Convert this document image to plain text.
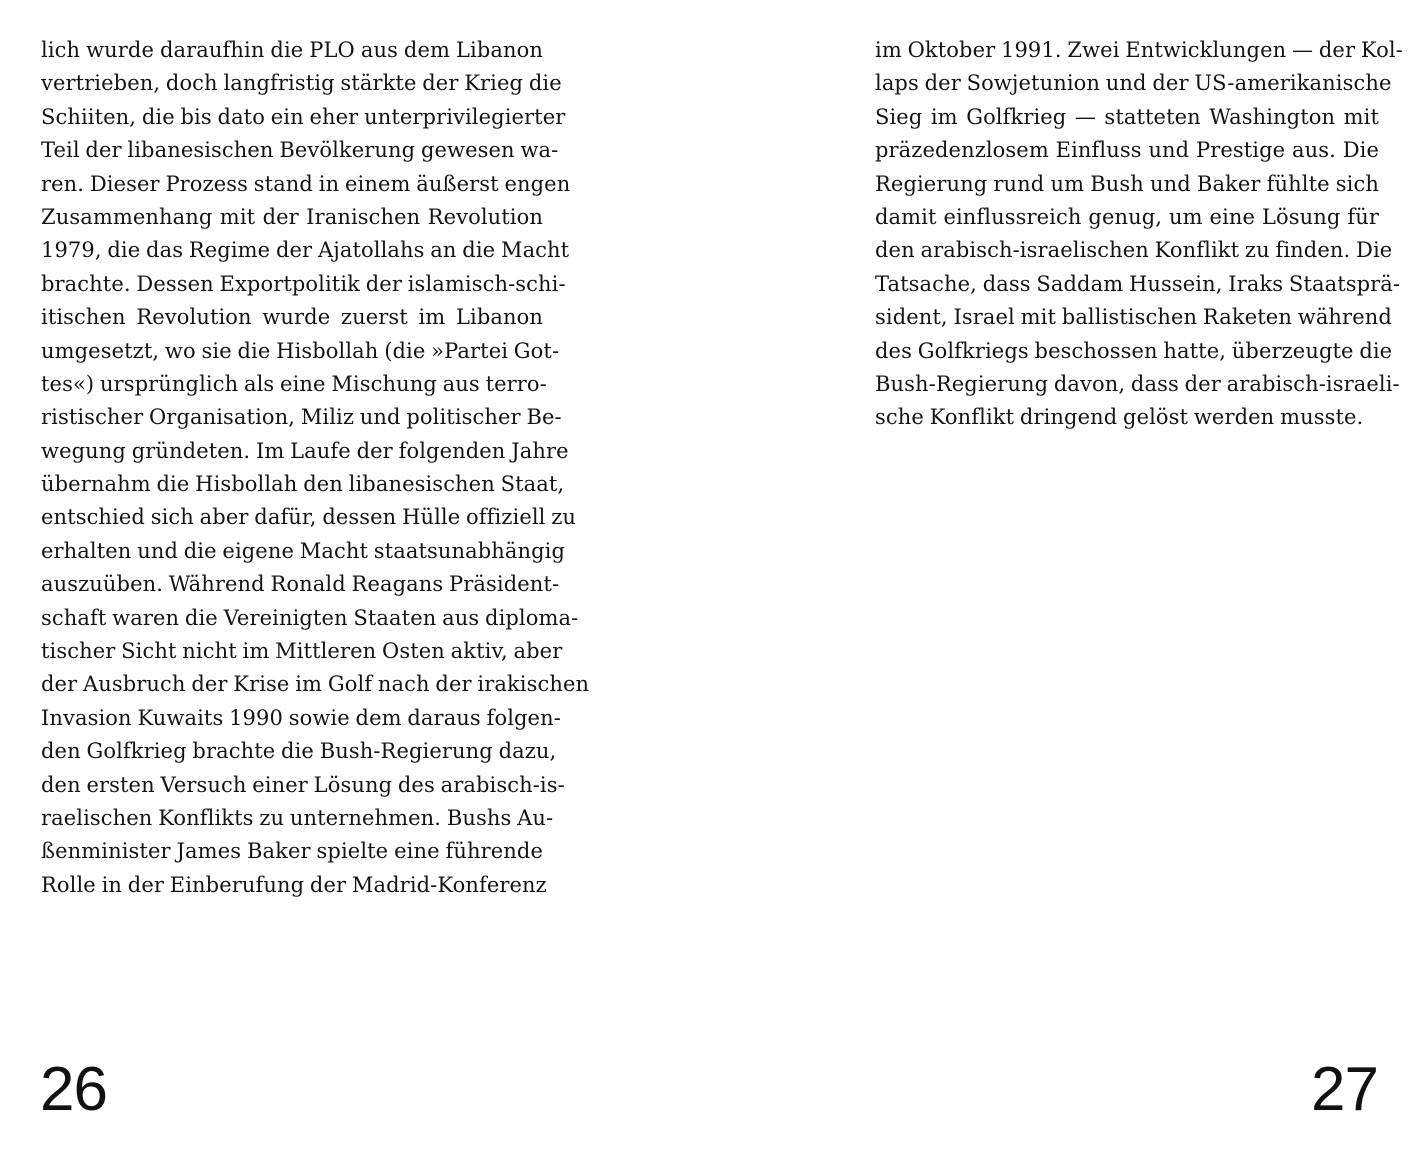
lich wurde daraufhin die PLO aus dem Libanon
vertrieben, doch langfristig stärkte der Krieg die
Schiiten, die bis dato ein eher unterprivilegierter
Teil der libanesischen Bevölkerung gewesen wa-
ren. Dieser Prozess stand in einem äußerst engen
Zusammenhang mit der Iranischen Revolution
1979, die das Regime der Ajatollahs an die Macht
brachte. Dessen Exportpolitik der islamisch-schi-
itischen Revolution wurde zuerst im Libanon
umgesetzt, wo sie die Hisbollah (die »Partei Got-
tes«) ursprünglich als eine Mischung aus terro-
ristischer Organisation, Miliz und politischer Be-
wegung gründeten. Im Laufe der folgenden Jahre
übernahm die Hisbollah den libanesischen Staat,
entschied sich aber dafür, dessen Hülle offiziell zu
erhalten und die eigene Macht staatsunabhängig
auszuüben. Während Ronald Reagans Präsident-
schaft waren die Vereinigten Staaten aus diploma-
tischer Sicht nicht im Mittleren Osten aktiv, aber
der Ausbruch der Krise im Golf nach der irakischen
Invasion Kuwaits 1990 sowie dem daraus folgen-
den Golfkrieg brachte die Bush-Regierung dazu,
den ersten Versuch einer Lösung des arabisch-is-
raelischen Konflikts zu unternehmen. Bushs Au-
ßenminister James Baker spielte eine führende
Rolle in der Einberufung der Madrid-Konferenz
26
im Oktober 1991. Zwei Entwicklungen — der Kol-
laps der Sowjetunion und der US-amerikanische
Sieg im Golfkrieg — statteten Washington mit
präzedenzlosem Einfluss und Prestige aus. Die
Regierung rund um Bush und Baker fühlte sich
damit einflussreich genug, um eine Lösung für
den arabisch-israelischen Konflikt zu finden. Die
Tatsache, dass Saddam Hussein, Iraks Staatsprä-
sident, Israel mit ballistischen Raketen während
des Golfkriegs beschossen hatte, überzeugte die
Bush-Regierung davon, dass der arabisch-israeli-
sche Konflikt dringend gelöst werden musste.
27
